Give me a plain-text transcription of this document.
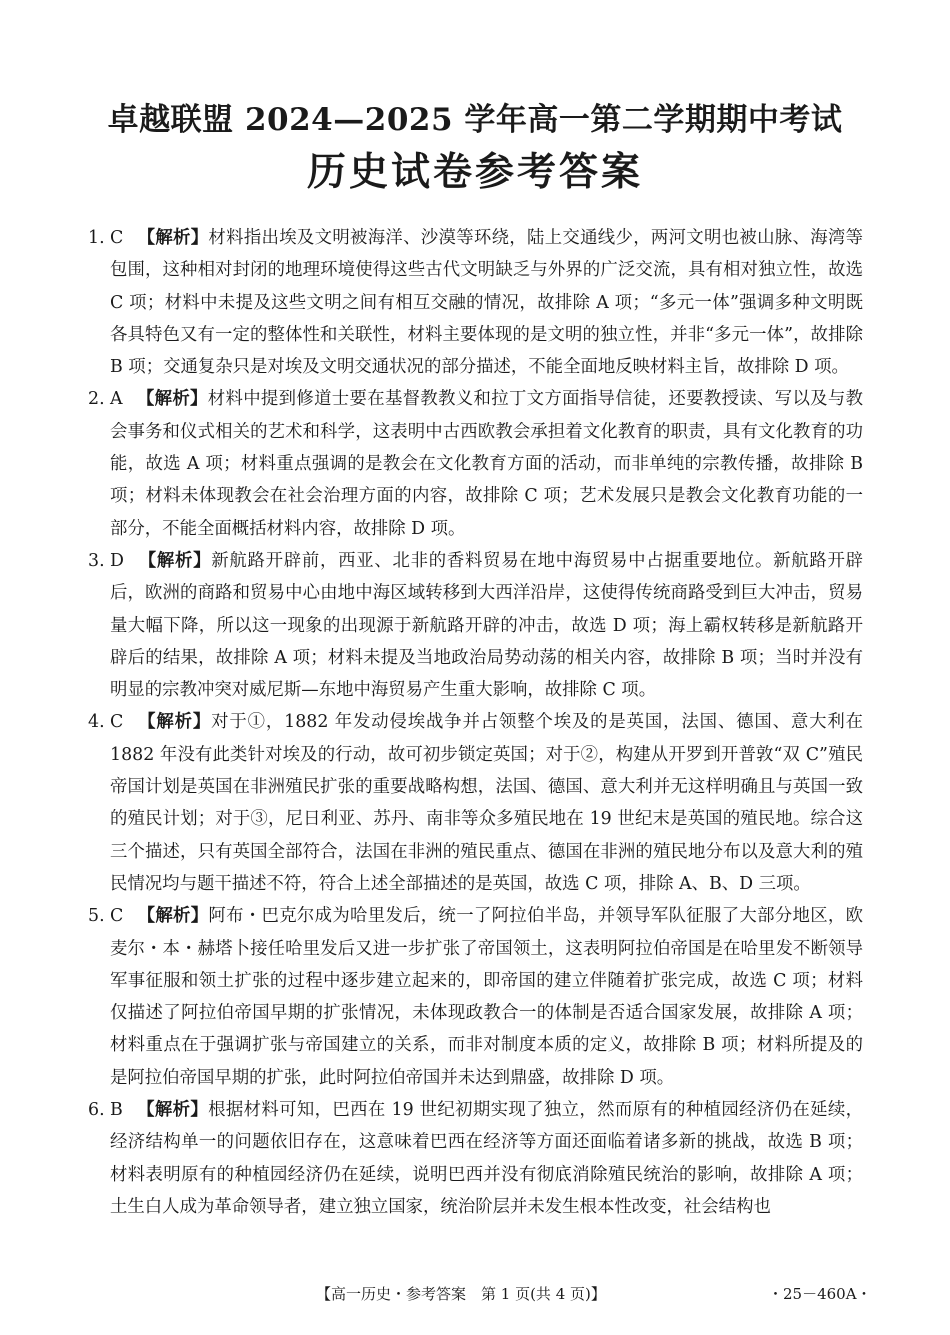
卓越联盟 2024—2025 学年高一第二学期期中考试
历史试卷参考答案
1. C 【解析】材料指出埃及文明被海洋、沙漠等环绕，陆上交通线少，两河文明也被山脉、海湾等包围，这种相对封闭的地理环境使得这些古代文明缺乏与外界的广泛交流，具有相对独立性，故选 C 项；材料中未提及这些文明之间有相互交融的情况，故排除 A 项；“多元一体”强调多种文明既各具特色又有一定的整体性和关联性，材料主要体现的是文明的独立性，并非“多元一体”，故排除 B 项；交通复杂只是对埃及文明交通状况的部分描述，不能全面地反映材料主旨，故排除 D 项。
2. A 【解析】材料中提到修道士要在基督教教义和拉丁文方面指导信徒，还要教授读、写以及与教会事务和仪式相关的艺术和科学，这表明中古西欧教会承担着文化教育的职责，具有文化教育的功能，故选 A 项；材料重点强调的是教会在文化教育方面的活动，而非单纯的宗教传播，故排除 B 项；材料未体现教会在社会治理方面的内容，故排除 C 项；艺术发展只是教会文化教育功能的一部分，不能全面概括材料内容，故排除 D 项。
3. D 【解析】新航路开辟前，西亚、北非的香料贸易在地中海贸易中占据重要地位。新航路开辟后，欧洲的商路和贸易中心由地中海区域转移到大西洋沿岸，这使得传统商路受到巨大冲击，贸易量大幅下降，所以这一现象的出现源于新航路开辟的冲击，故选 D 项；海上霸权转移是新航路开辟后的结果，故排除 A 项；材料未提及当地政治局势动荡的相关内容，故排除 B 项；当时并没有明显的宗教冲突对威尼斯—东地中海贸易产生重大影响，故排除 C 项。
4. C 【解析】对于①，1882 年发动侵埃战争并占领整个埃及的是英国，法国、德国、意大利在 1882 年没有此类针对埃及的行动，故可初步锁定英国；对于②，构建从开罗到开普敦“双 C”殖民帝国计划是英国在非洲殖民扩张的重要战略构想，法国、德国、意大利并无这样明确且与英国一致的殖民计划；对于③，尼日利亚、苏丹、南非等众多殖民地在 19 世纪末是英国的殖民地。综合这三个描述，只有英国全部符合，法国在非洲的殖民重点、德国在非洲的殖民地分布以及意大利的殖民情况均与题干描述不符，符合上述全部描述的是英国，故选 C 项，排除 A、B、D 三项。
5. C 【解析】阿布・巴克尔成为哈里发后，统一了阿拉伯半岛，并领导军队征服了大部分地区，欧麦尔・本・赫塔卜接任哈里发后又进一步扩张了帝国领土，这表明阿拉伯帝国是在哈里发不断领导军事征服和领土扩张的过程中逐步建立起来的，即帝国的建立伴随着扩张完成，故选 C 项；材料仅描述了阿拉伯帝国早期的扩张情况，未体现政教合一的体制是否适合国家发展，故排除 A 项；材料重点在于强调扩张与帝国建立的关系，而非对制度本质的定义，故排除 B 项；材料所提及的是阿拉伯帝国早期的扩张，此时阿拉伯帝国并未达到鼎盛，故排除 D 项。
6. B 【解析】根据材料可知，巴西在 19 世纪初期实现了独立，然而原有的种植园经济仍在延续，经济结构单一的问题依旧存在，这意味着巴西在经济等方面还面临着诸多新的挑战，故选 B 项；材料表明原有的种植园经济仍在延续，说明巴西并没有彻底消除殖民统治的影响，故排除 A 项；土生白人成为革命领导者，建立独立国家，统治阶层并未发生根本性改变，社会结构也
【高一历史・参考答案　第 1 页(共 4 页)】	・25－460A・
